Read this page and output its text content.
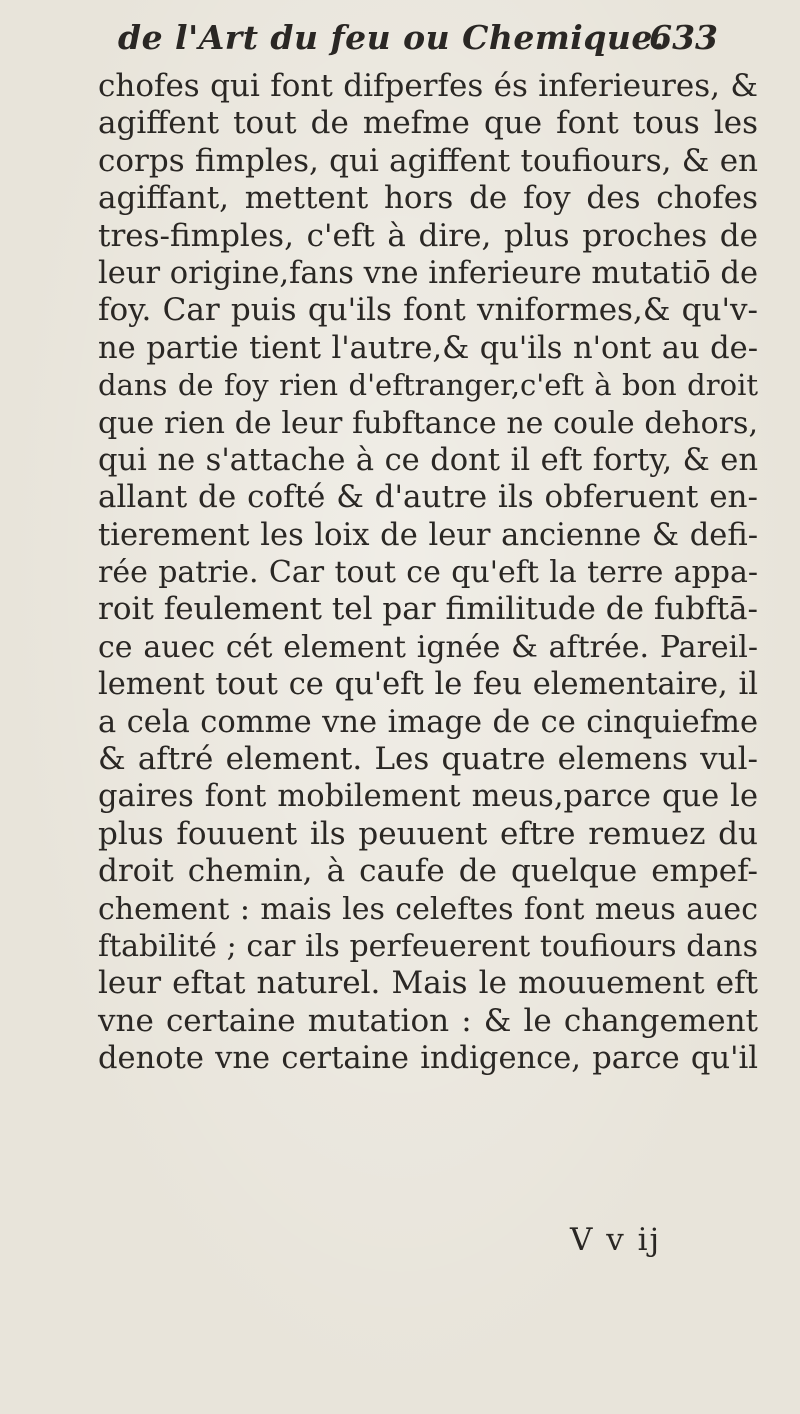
de l'Art du feu ou Chemique.
633
chofes qui font difperfes és inferieures, &
agiffent tout de mefme que font tous les
corps fimples, qui agiffent toufiours, & en
agiffant, mettent hors de foy des chofes
tres-fimples, c'eft à dire, plus proches de
leur origine,fans vne inferieure mutatiō de
foy. Car puis qu'ils font vniformes,& qu'v-
ne partie tient l'autre,& qu'ils n'ont au de-
dans de foy rien d'eftranger,c'eft à bon droit
que rien de leur fubftance ne coule dehors,
qui ne s'attache à ce dont il eft forty, & en
allant de cofté & d'autre ils obferuent en-
tierement les loix de leur ancienne & defi-
rée patrie. Car tout ce qu'eft la terre appa-
roit feulement tel par fimilitude de fubftā-
ce auec cét element ignée & aftrée. Pareil-
lement tout ce qu'eft le feu elementaire, il
a cela comme vne image de ce cinquiefme
& aftré element. Les quatre elemens vul-
gaires font mobilement meus,parce que le
plus fouuent ils peuuent eftre remuez du
droit chemin, à caufe de quelque empef-
chement : mais les celeftes font meus auec
ftabilité ; car ils perfeuerent toufiours dans
leur eftat naturel. Mais le mouuement eft
vne certaine mutation : & le changement
denote vne certaine indigence, parce qu'il
V v ij
